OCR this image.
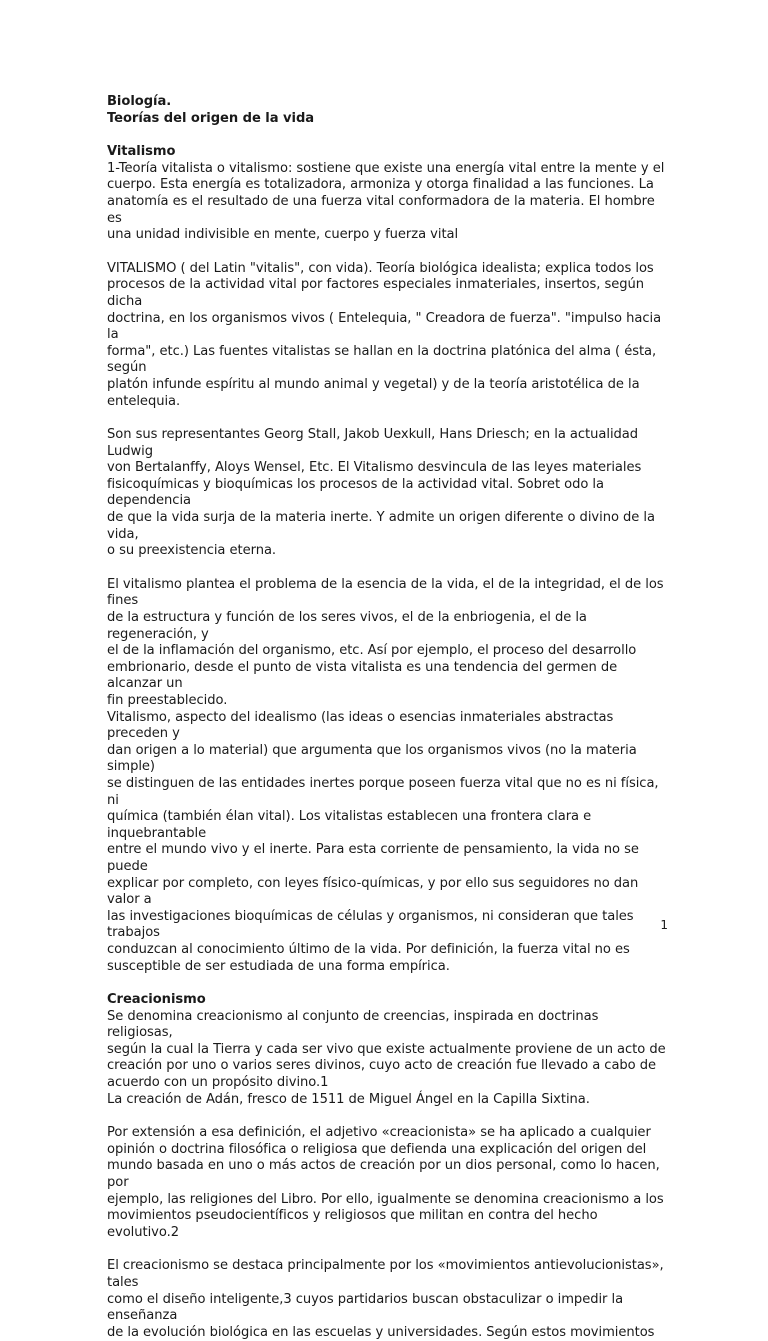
Biología.

Teorías del origen de la vida

Vitalismo

1-Teoría vitalista o vitalismo: sostiene que existe una energía vital entre la mente y el
cuerpo. Esta energía es totalizadora, armoniza y otorga finalidad a las funciones. La
anatomía es el resultado de una fuerza vital conformadora de la materia. El hombre es
una unidad indivisible en mente, cuerpo y fuerza vital

VITALISMO ( del Latin "vitalis", con vida). Teoría biológica idealista; explica todos los
procesos de la actividad vital por factores especiales inmateriales, insertos, según dicha
doctrina, en los organismos vivos ( Entelequia, " Creadora de fuerza". "impulso hacia la
forma", etc.) Las fuentes vitalistas se hallan en la doctrina platónica del alma ( ésta, según
platón infunde espíritu al mundo animal y vegetal) y de la teoría aristotélica de la
entelequia.

Son sus representantes Georg Stall, Jakob Uexkull, Hans Driesch; en la actualidad Ludwig
von Bertalanffy, Aloys Wensel, Etc. El Vitalismo desvincula de las leyes materiales
fisicoquímicas y bioquímicas los procesos de la actividad vital. Sobret odo la dependencia
de que la vida surja de la materia inerte. Y admite un origen diferente o divino de la vida,
o su preexistencia eterna.

El vitalismo plantea el problema de la esencia de la vida, el de la integridad, el de los fines
de la estructura y función de los seres vivos, el de la enbriogenia, el de la regeneración, y
el de la inflamación del organismo, etc. Así por ejemplo, el proceso del desarrollo
embrionario, desde el punto de vista vitalista es una tendencia del germen de alcanzar un
fin preestablecido.

Vitalismo, aspecto del idealismo (las ideas o esencias inmateriales abstractas preceden y
dan origen a lo material) que argumenta que los organismos vivos (no la materia simple)
se distinguen de las entidades inertes porque poseen fuerza vital que no es ni física, ni
química (también élan vital). Los vitalistas establecen una frontera clara e inquebrantable
entre el mundo vivo y el inerte. Para esta corriente de pensamiento, la vida no se puede
explicar por completo, con leyes físico-químicas, y por ello sus seguidores no dan valor a
las investigaciones bioquímicas de células y organismos, ni consideran que tales trabajos
conduzcan al conocimiento último de la vida. Por definición, la fuerza vital no es
susceptible de ser estudiada de una forma empírica.

Creacionismo

Se denomina creacionismo al conjunto de creencias, inspirada en doctrinas religiosas,
según la cual la Tierra y cada ser vivo que existe actualmente proviene de un acto de
creación por uno o varios seres divinos, cuyo acto de creación fue llevado a cabo de
acuerdo con un propósito divino.1

La creación de Adán, fresco de 1511 de Miguel Ángel en la Capilla Sixtina.

Por extensión a esa definición, el adjetivo «creacionista» se ha aplicado a cualquier
opinión o doctrina filosófica o religiosa que defienda una explicación del origen del
mundo basada en uno o más actos de creación por un dios personal, como lo hacen, por
ejemplo, las religiones del Libro. Por ello, igualmente se denomina creacionismo a los
movimientos pseudocientíficos y religiosos que militan en contra del hecho evolutivo.2

El creacionismo se destaca principalmente por los «movimientos antievolucionistas», tales
como el diseño inteligente,3 cuyos partidarios buscan obstaculizar o impedir la enseñanza
de la evolución biológica en las escuelas y universidades. Según estos movimientos

1
